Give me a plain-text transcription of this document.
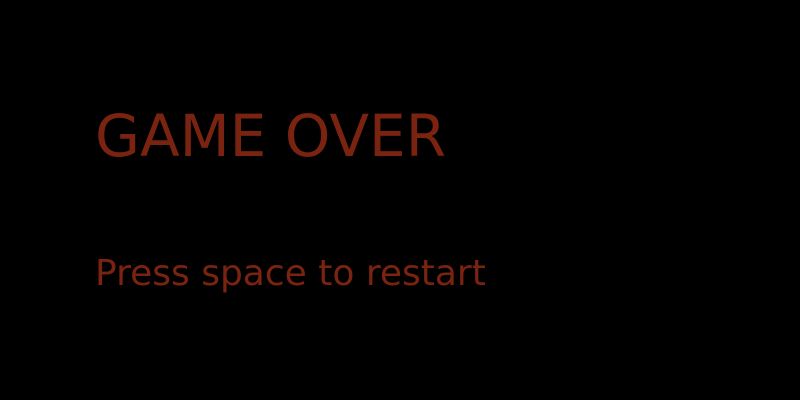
GAME OVER

Press space to restart
